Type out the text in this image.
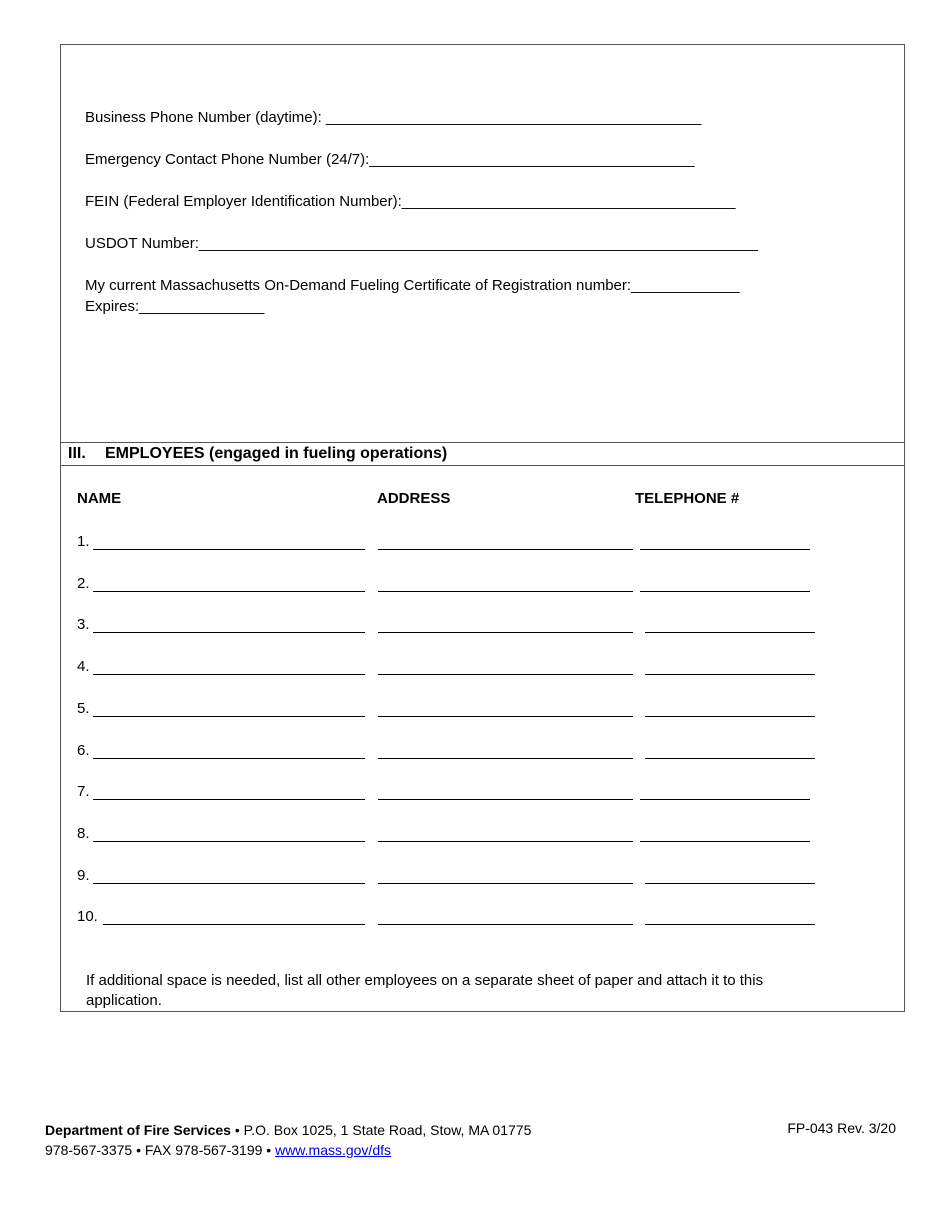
Business Phone Number (daytime): _____________________________________________
Emergency Contact Phone Number (24/7):_______________________________________
FEIN (Federal Employer Identification Number):________________________________________
USDOT Number:___________________________________________________________________
My current Massachusetts On-Demand Fueling Certificate of Registration number:_____________
Expires:_______________
III. EMPLOYEES (engaged in fueling operations)
NAME	ADDRESS	TELEPHONE #
1.
2.
3.
4.
5.
6.
7.
8.
9.
10.
If additional space is needed, list all other employees on a separate sheet of paper and attach it to this application.
Department of Fire Services • P.O. Box 1025, 1 State Road, Stow, MA 01775
978-567-3375 • FAX 978-567-3199 • www.mass.gov/dfs
FP-043 Rev. 3/20
